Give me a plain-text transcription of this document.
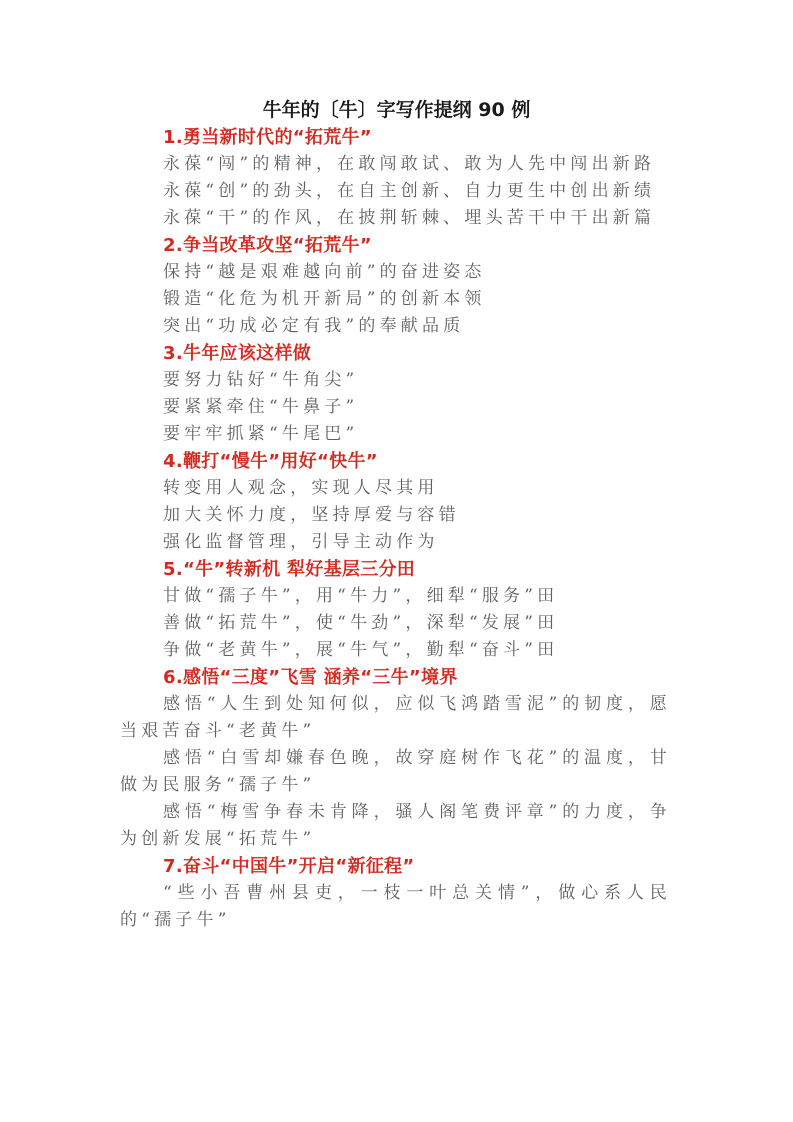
牛年的〔牛〕字写作提纲 90 例
1.勇当新时代的“拓荒牛”
永葆“闯”的精神，在敢闯敢试、敢为人先中闯出新路
永葆“创”的劲头，在自主创新、自力更生中创出新绩
永葆“干”的作风，在披荆斩棘、埋头苦干中干出新篇
2.争当改革攻坚“拓荒牛”
保持“越是艰难越向前”的奋进姿态
锻造“化危为机开新局”的创新本领
突出“功成必定有我”的奉献品质
3.牛年应该这样做
要努力钻好“牛角尖”
要紧紧牵住“牛鼻子”
要牢牢抓紧“牛尾巴”
4.鞭打“慢牛”用好“快牛”
转变用人观念，实现人尽其用
加大关怀力度，坚持厚爱与容错
强化监督管理，引导主动作为
5.“牛”转新机 犁好基层三分田
甘做“孺子牛”，用“牛力”，细犁“服务”田
善做“拓荒牛”，使“牛劲”，深犁“发展”田
争做“老黄牛”，展“牛气”，勤犁“奋斗”田
6.感悟“三度”飞雪 涵养“三牛”境界
感悟“人生到处知何似，应似飞鸿踏雪泥”的韧度，愿当艰苦奋斗“老黄牛”
感悟“白雪却嫌春色晚，故穿庭树作飞花”的温度，甘做为民服务“孺子牛”
感悟“梅雪争春未肯降，骚人阁笔费评章”的力度，争为创新发展“拓荒牛”
7.奋斗“中国牛”开启“新征程”
“些小吾曹州县吏，一枝一叶总关情”，做心系人民的“孺子牛”
